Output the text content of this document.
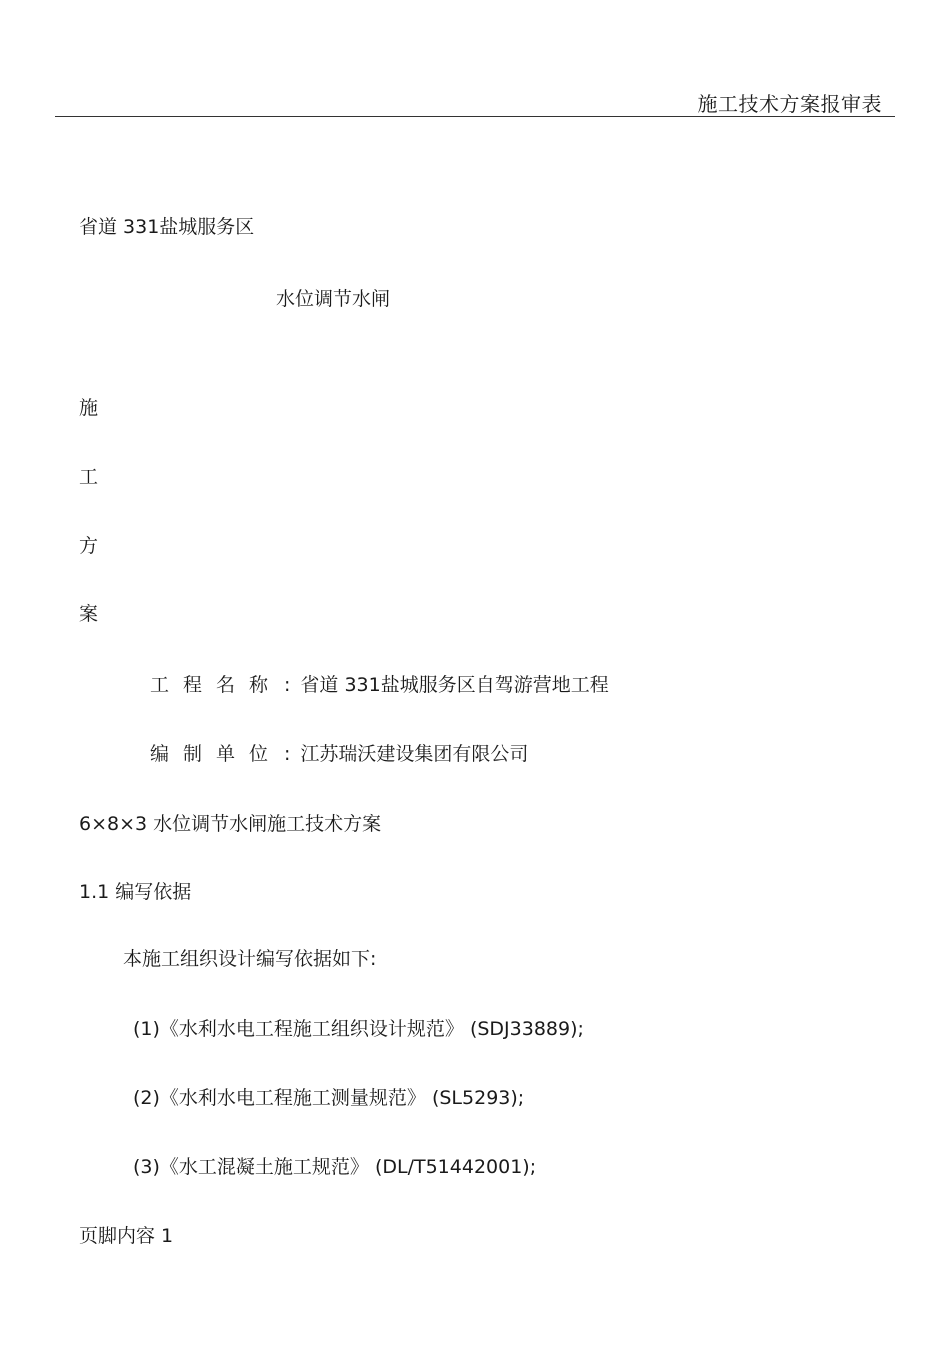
施工技术方案报审表
省道 331盐城服务区
水位调节水闸
施
工
方
案
工程名称 : 省道 331盐城服务区自驾游营地工程
编制单位 : 江苏瑞沃建设集团有限公司
6×8×3 水位调节水闸施工技术方案
1.1 编写依据
本施工组织设计编写依据如下:
(1)《水利水电工程施工组织设计规范》 (SDJ33889);
(2)《水利水电工程施工测量规范》 (SL5293);
(3)《水工混凝土施工规范》 (DL/T51442001);
页脚内容 1
